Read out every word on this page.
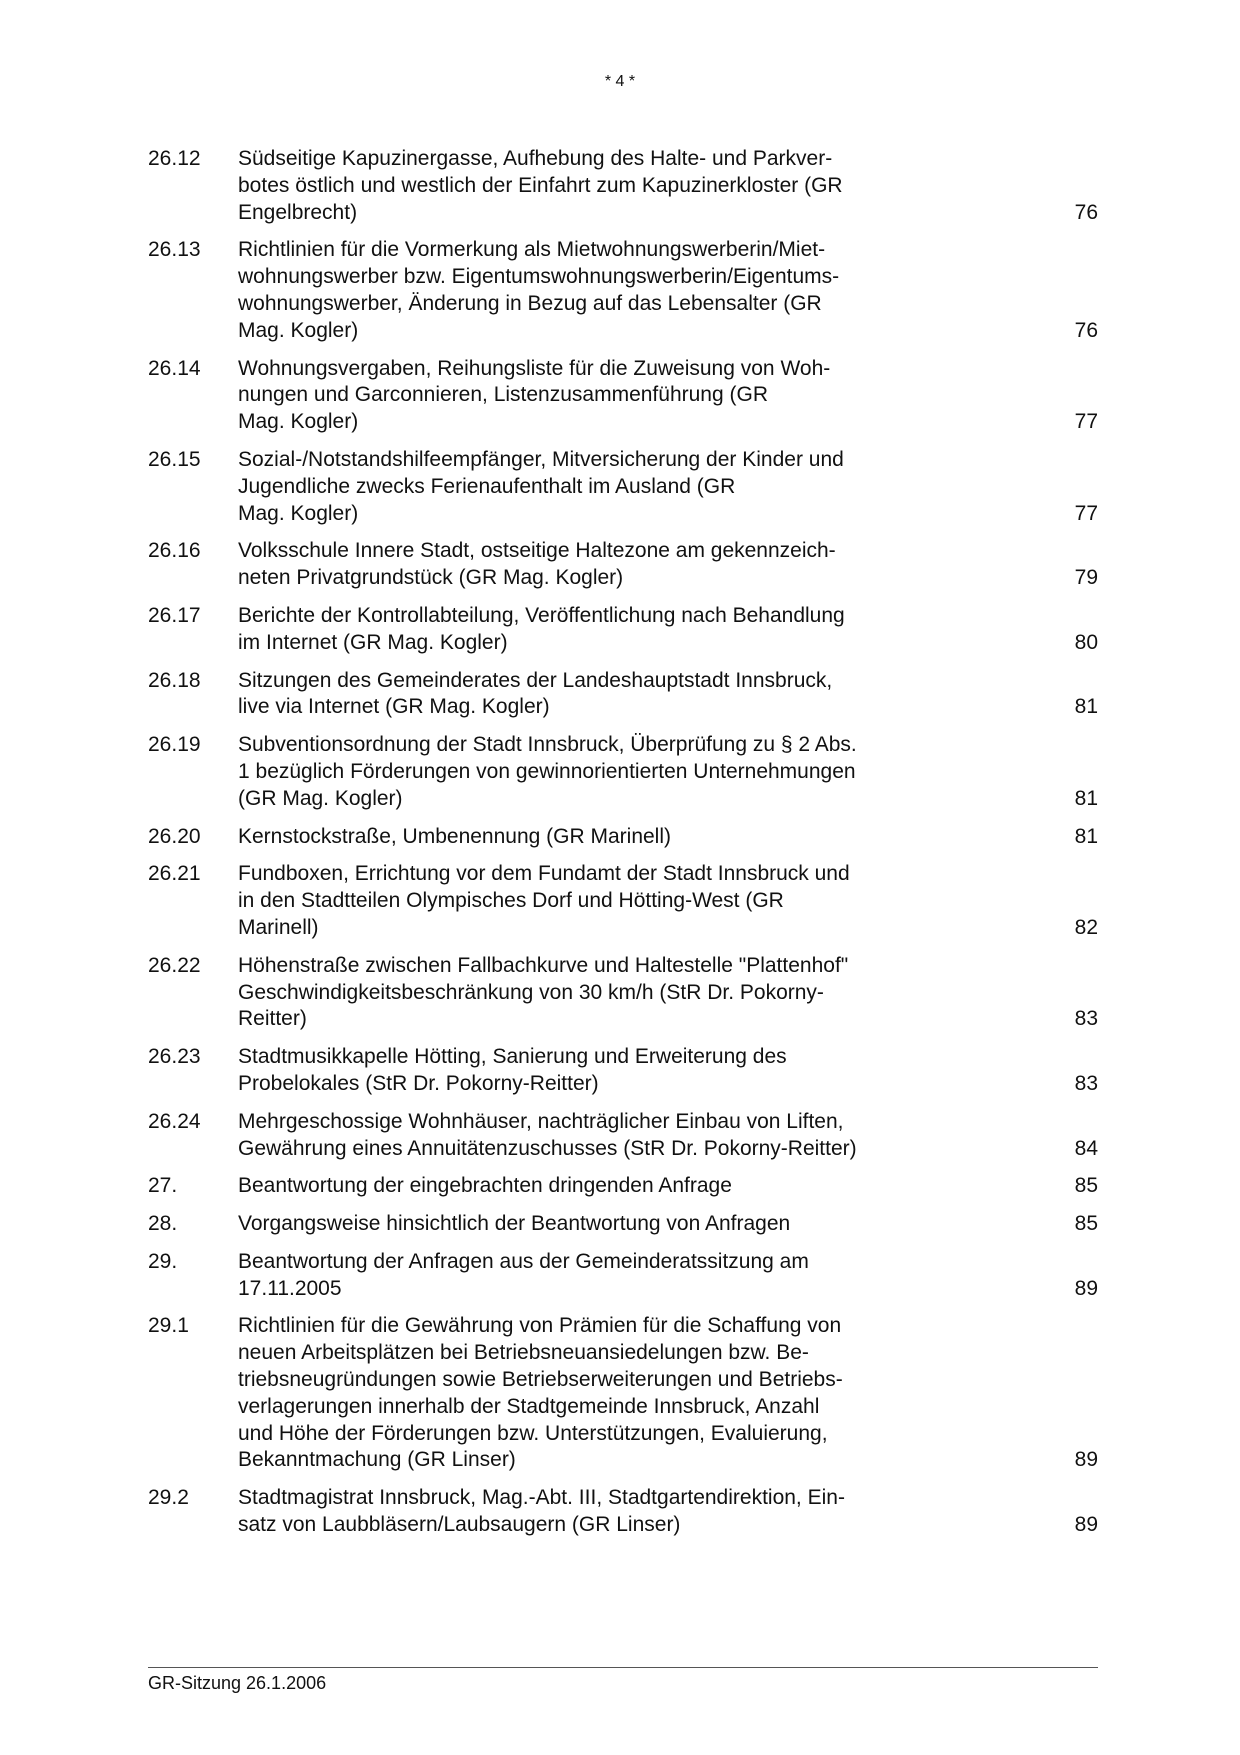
* 4 *
26.12	Südseitige Kapuzinergasse, Aufhebung des Halte- und Parkver-
botes östlich und westlich der Einfahrt zum Kapuzinerkloster (GR
Engelbrecht)	76
26.13	Richtlinien für die Vormerkung als Mietwohnungswerberin/Miet-
wohnungswerber bzw. Eigentumswohnungswerberin/Eigentums-
wohnungswerber, Änderung in Bezug auf das Lebensalter (GR
Mag. Kogler)	76
26.14	Wohnungsvergaben, Reihungsliste für die Zuweisung von Woh-
nungen und Garconnieren, Listenzusammenführung (GR
Mag. Kogler)	77
26.15	Sozial-/Notstandshilfeempfänger, Mitversicherung der Kinder und
Jugendliche zwecks Ferienaufenthalt im Ausland (GR
Mag. Kogler)	77
26.16	Volksschule Innere Stadt, ostseitige Haltezone am gekennzeich-
neten Privatgrundstück (GR Mag. Kogler)	79
26.17	Berichte der Kontrollabteilung, Veröffentlichung nach Behandlung
im Internet (GR Mag. Kogler)	80
26.18	Sitzungen des Gemeinderates der Landeshauptstadt Innsbruck,
live via Internet (GR Mag. Kogler)	81
26.19	Subventionsordnung der Stadt Innsbruck, Überprüfung zu § 2 Abs.
1 bezüglich Förderungen von gewinnorientierten Unternehmungen
(GR Mag. Kogler)	81
26.20	Kernstockstraße, Umbenennung (GR Marinell)	81
26.21	Fundboxen, Errichtung vor dem Fundamt der Stadt Innsbruck und
in den Stadtteilen Olympisches Dorf und Hötting-West (GR
Marinell)	82
26.22	Höhenstraße zwischen Fallbachkurve und Haltestelle "Plattenhof"
Geschwindigkeitsbeschränkung von 30 km/h (StR Dr. Pokorny-
Reitter)	83
26.23	Stadtmusikkapelle Hötting, Sanierung und Erweiterung des
Probelokales (StR Dr. Pokorny-Reitter)	83
26.24	Mehrgeschossige Wohnhäuser, nachträglicher Einbau von Liften,
Gewährung eines Annuitätenzuschusses (StR Dr. Pokorny-Reitter)	84
27.	Beantwortung der eingebrachten dringenden Anfrage	85
28.	Vorgangsweise hinsichtlich der Beantwortung von Anfragen	85
29.	Beantwortung der Anfragen aus der Gemeinderatssitzung am
17.11.2005	89
29.1	Richtlinien für die Gewährung von Prämien für die Schaffung von
neuen Arbeitsplätzen bei Betriebsneuansiedelungen bzw. Be-
triebsneugründungen sowie Betriebserweiterungen und Betriebs-
verlagerungen innerhalb der Stadtgemeinde Innsbruck, Anzahl
und Höhe der Förderungen bzw. Unterstützungen, Evaluierung,
Bekanntmachung (GR Linser)	89
29.2	Stadtmagistrat Innsbruck, Mag.-Abt. III, Stadtgartendirektion, Ein-
satz von Laubbläsern/Laubsaugern (GR Linser)	89
GR-Sitzung 26.1.2006
